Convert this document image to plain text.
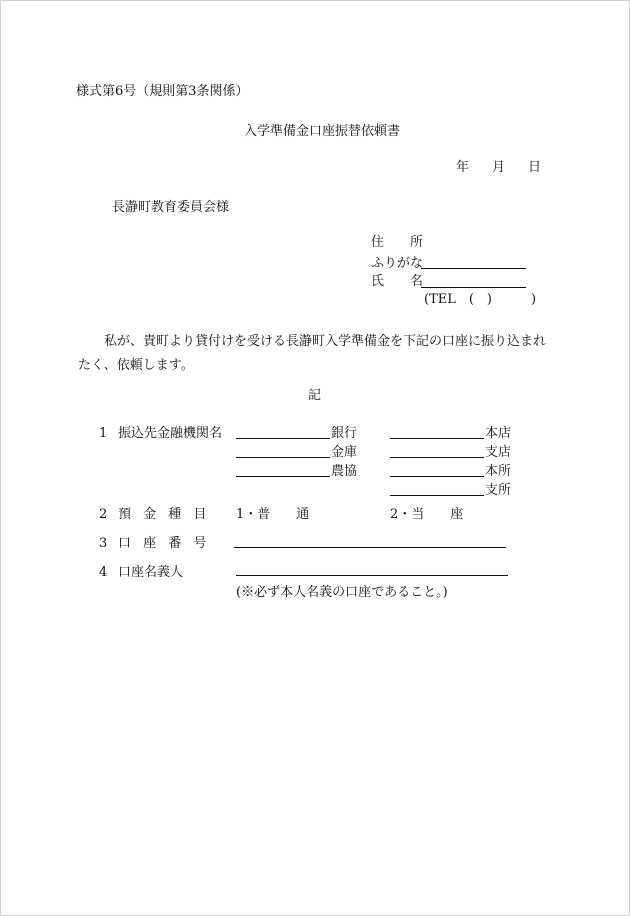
様式第6号（規則第3条関係）
入学準備金口座振替依頼書
年 月 日
長瀞町教育委員会様
住　　所
ふりがな
氏　　名
(TEL　(　)　　　)
私が、貴町より貸付けを受ける長瀞町入学準備金を下記の口座に振り込まれたく、依頼します。
記
1 振込先金融機関名	銀行
金庫
農協
本店
支店
本所
支所
2 預 金 種 目 1・普　　通	2・当　　座
3 口 座 番 号
4 口座名義人
(※必ず本人名義の口座であること。)
